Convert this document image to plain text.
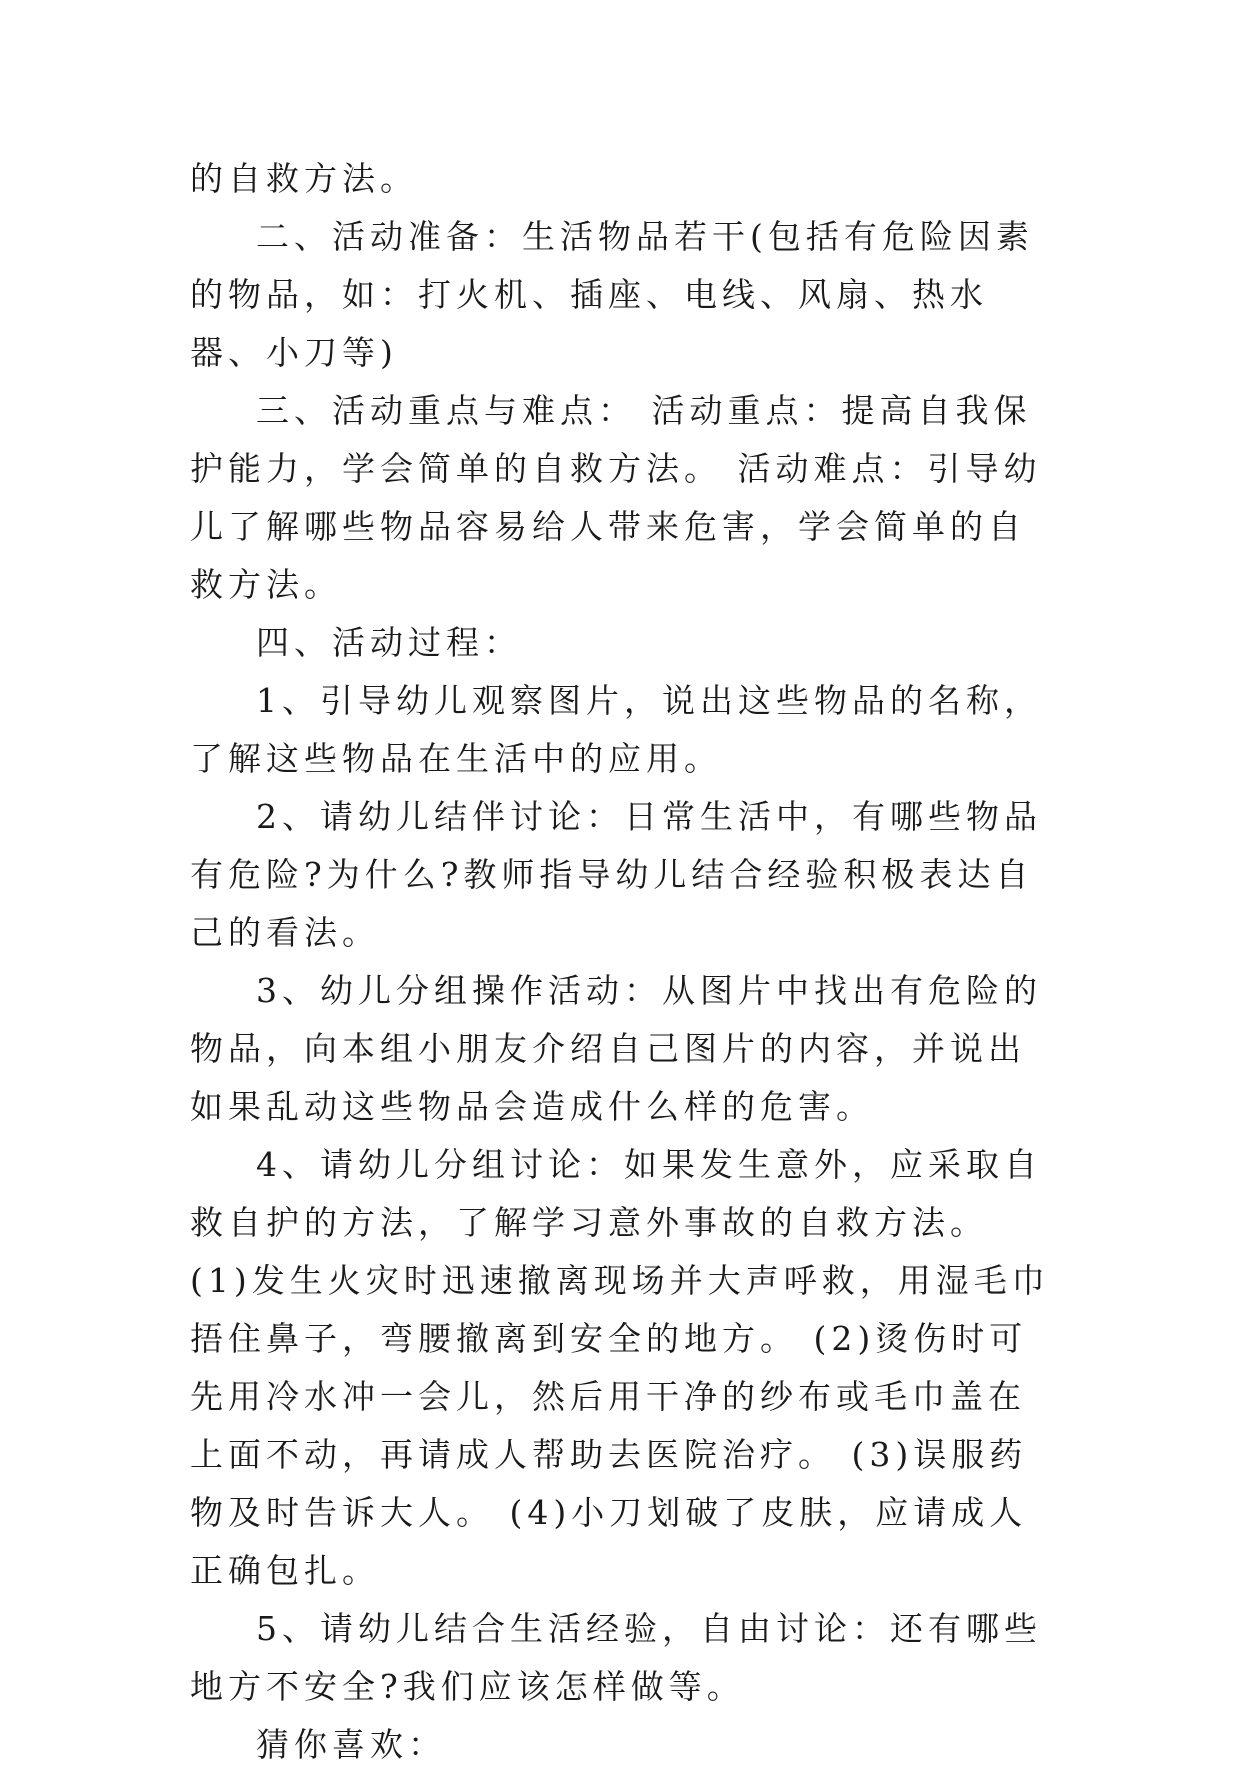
的自救方法。

二、活动准备：生活物品若干(包括有危险因素的物品，如：打火机、插座、电线、风扇、热水器、小刀等)

三、活动重点与难点： 活动重点：提高自我保护能力，学会简单的自救方法。 活动难点：引导幼儿了解哪些物品容易给人带来危害，学会简单的自救方法。

四、活动过程：

1、引导幼儿观察图片，说出这些物品的名称，了解这些物品在生活中的应用。

2、请幼儿结伴讨论：日常生活中，有哪些物品有危险?为什么?教师指导幼儿结合经验积极表达自己的看法。

3、幼儿分组操作活动：从图片中找出有危险的物品，向本组小朋友介绍自己图片的内容，并说出如果乱动这些物品会造成什么样的危害。

4、请幼儿分组讨论：如果发生意外，应采取自救自护的方法，了解学习意外事故的自救方法。 (1)发生火灾时迅速撤离现场并大声呼救，用湿毛巾捂住鼻子，弯腰撤离到安全的地方。 (2)烫伤时可先用冷水冲一会儿，然后用干净的纱布或毛巾盖在上面不动，再请成人帮助去医院治疗。 (3)误服药物及时告诉大人。 (4)小刀划破了皮肤，应请成人正确包扎。

5、请幼儿结合生活经验，自由讨论：还有哪些地方不安全?我们应该怎样做等。

猜你喜欢：
